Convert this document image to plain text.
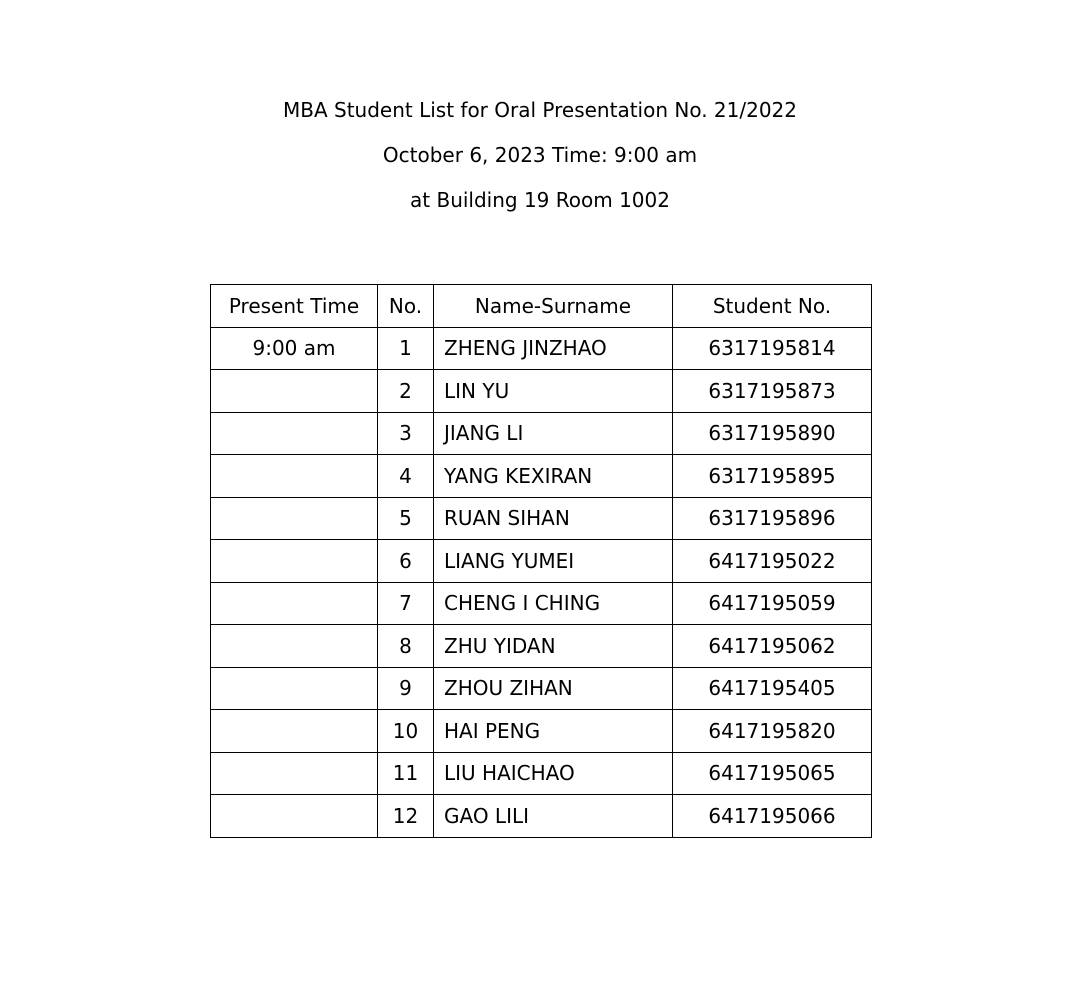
MBA Student List for Oral Presentation No. 21/2022
October 6, 2023 Time: 9:00 am
at Building 19 Room 1002
Present Time	No.	Name-Surname	Student No.
9:00 am	1	ZHENG JINZHAO	6317195814
	2	LIN YU	6317195873
	3	JIANG LI	6317195890
	4	YANG KEXIRAN	6317195895
	5	RUAN SIHAN	6317195896
	6	LIANG YUMEI	6417195022
	7	CHENG I CHING	6417195059
	8	ZHU YIDAN	6417195062
	9	ZHOU ZIHAN	6417195405
	10	HAI PENG	6417195820
	11	LIU HAICHAO	6417195065
	12	GAO LILI	6417195066
